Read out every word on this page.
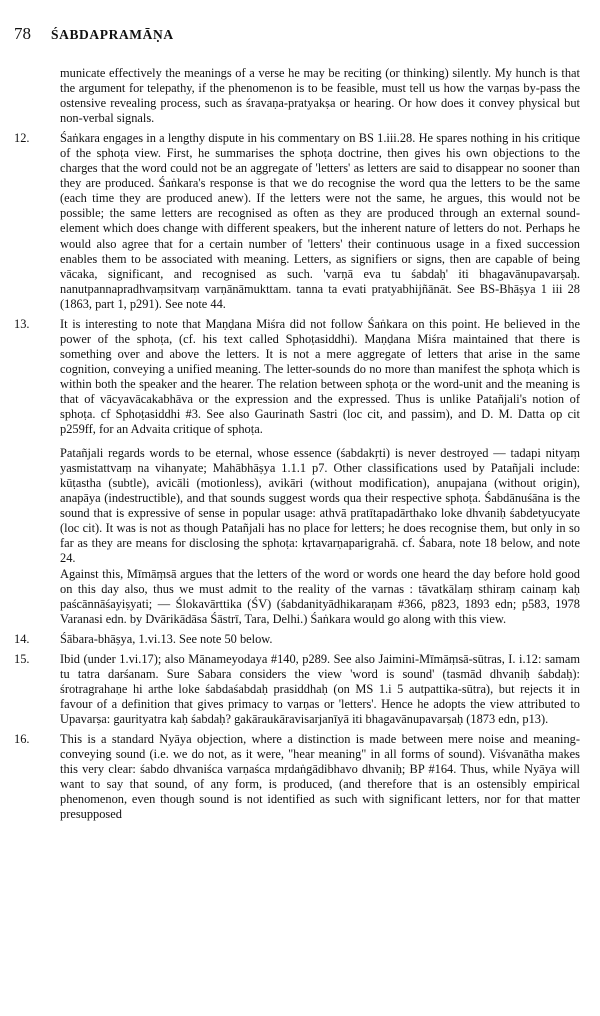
78 ŚABDAPRAMĀṆA

municate effectively the meanings of a verse he may be reciting (or thinking) silently. My hunch is that the argument for telepathy, if the phenomenon is to be feasible, must tell us how the varṇas by-pass the ostensive revealing process, such as śravaṇa-pratyakṣa or hearing. Or how does it convey physical but non-verbal signals.

12.	Śaṅkara engages in a lengthy dispute in his commentary on BS 1.iii.28. He spares nothing in his critique of the sphoṭa view. First, he summarises the sphoṭa doctrine, then gives his own objections to the charges that the word could not be an aggregate of 'letters' as letters are said to disappear no sooner than they are produced. Śaṅkara's response is that we do recognise the word qua the letters to be the same (each time they are produced anew). If the letters were not the same, he argues, this would not be possible; the same letters are recognised as often as they are produced through an external sound-element which does change with different speakers, but the inherent nature of letters do not. Perhaps he would also agree that for a certain number of 'letters' their continuous usage in a fixed succession enables them to be associated with meaning. Letters, as signifiers or signs, then are capable of being vācaka, significant, and recognised as such. 'varṇā eva tu śabdaḥ' iti bhagavānupavarṣaḥ. nanutpannapradhvaṃsitvaṃ varṇānāmukttam. tanna ta evati pratyabhijñānāt. See BS-Bhāṣya 1 iii 28 (1863, part 1, p291). See note 44.

13.	It is interesting to note that Maṇḍana Miśra did not follow Śaṅkara on this point. He believed in the power of the sphoṭa, (cf. his text called Sphoṭasiddhi). Maṇḍana Miśra maintained that there is something over and above the letters. It is not a mere aggregate of letters that arise in the same cognition, conveying a unified meaning. The letter-sounds do no more than manifest the sphoṭa which is within both the speaker and the hearer. The relation between sphoṭa or the word-unit and the meaning is that of vācyavācakabhāva or the expression and the expressed. Thus is unlike Patañjali's notion of sphoṭa. cf Sphoṭasiddhi #3. See also Gaurinath Sastri (loc cit, and passim), and D. M. Datta op cit p259ff, for an Advaita critique of sphoṭa.

Patañjali regards words to be eternal, whose essence (śabdakṛti) is never destroyed — tadapi nityaṃ yasmistattvaṃ na vihanyate; Mahābhāṣya 1.1.1 p7. Other classifications used by Patañjali include: kūṭastha (subtle), avicāli (motionless), avikāri (without modification), anupajana (without origin), anapāya (indestructible), and that sounds suggest words qua their respective sphoṭa. Śabdānuśāna is the sound that is expressive of sense in popular usage: athvā pratītapadārthako loke dhvaniḥ śabdetyucyate (loc cit). It was is not as though Patañjali has no place for letters; he does recognise them, but only in so far as they are means for disclosing the sphoṭa: kṛtavarṇaparigrahā. cf. Śabara, note 18 below, and note 24.

Against this, Mīmāṃsā argues that the letters of the word or words one heard the day before hold good on this day also, thus we must admit to the reality of the varnas : tāvatkālaṃ sthiraṃ cainaṃ kaḥ paścānnāśayiṣyati; — Ślokavārttika (ŚV) (śabdanityādhikaraṇam #366, p823, 1893 edn; p583, 1978 Varanasi edn. by Dvārikādāsa Śāstrī, Tara, Delhi.) Śaṅkara would go along with this view.

14.	Śābara-bhāṣya, 1.vi.13. See note 50 below.

15.	Ibid (under 1.vi.17); also Mānameyodaya #140, p289. See also Jaimini-Mīmāṃsā-sūtras, I. i.12: samam tu tatra darśanam. Sure Sabara considers the view 'word is sound' (tasmād dhvaniḥ śabdaḥ): śrotragrahaṇe hi arthe loke śabdaśabdaḥ prasiddhaḥ (on MS 1.i 5 autpattika-sūtra), but rejects it in favour of a definition that gives primacy to varṇas or 'letters'. Hence he adopts the view attributed to Upavarṣa: gaurityatra kaḥ śabdaḥ? gakāraukāravisarjanīyā iti bhagavānupavarṣaḥ (1873 edn, p13).

16.	This is a standard Nyāya objection, where a distinction is made between mere noise and meaning-conveying sound (i.e. we do not, as it were, "hear meaning" in all forms of sound). Viśvanātha makes this very clear: śabdo dhvaniśca varṇaśca mṛdaṅgādibhavo dhvaniḥ; BP #164. Thus, while Nyāya will want to say that sound, of any form, is produced, (and therefore that is an ostensibly empirical phenomenon, even though sound is not identified as such with significant letters, nor for that matter presupposed
